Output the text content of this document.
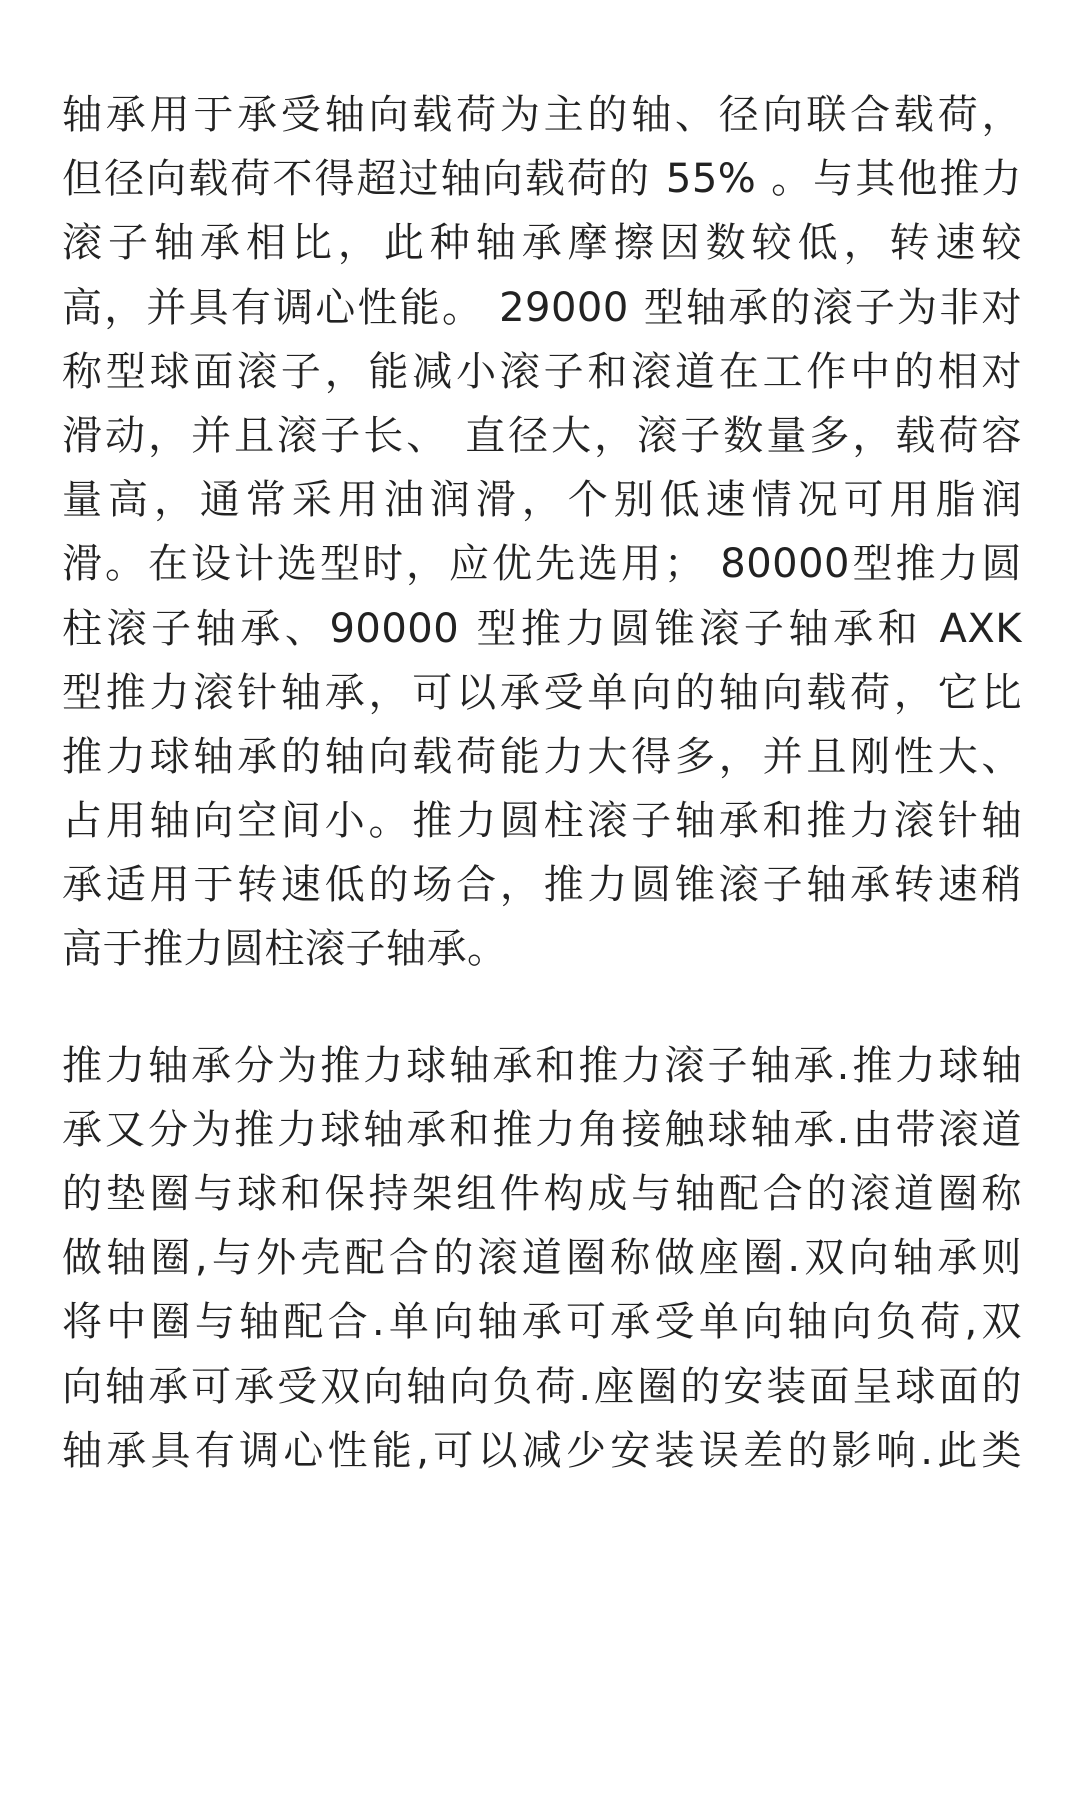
轴承用于承受轴向载荷为主的轴、径向联合载荷，
但径向载荷不得超过轴向载荷的 55% 。与其他推力
滚子轴承相比，此种轴承摩擦因数较低，转速较
高，并具有调心性能。 29000 型轴承的滚子为非对
称型球面滚子，能减小滚子和滚道在工作中的相对
滑动，并且滚子长、 直径大，滚子数量多，载荷容
量高，通常采用油润滑，个别低速情况可用脂润
滑。在设计选型时，应优先选用； 80000型推力圆
柱滚子轴承、90000 型推力圆锥滚子轴承和 AXK
型推力滚针轴承，可以承受单向的轴向载荷，它比
推力球轴承的轴向载荷能力大得多，并且刚性大、
占用轴向空间小。推力圆柱滚子轴承和推力滚针轴
承适用于转速低的场合，推力圆锥滚子轴承转速稍
高于推力圆柱滚子轴承。
推力轴承分为推力球轴承和推力滚子轴承.推力球轴
承又分为推力球轴承和推力角接触球轴承.由带滚道
的垫圈与球和保持架组件构成与轴配合的滚道圈称
做轴圈,与外壳配合的滚道圈称做座圈.双向轴承则
将中圈与轴配合.单向轴承可承受单向轴向负荷,双
向轴承可承受双向轴向负荷.座圈的安装面呈球面的
轴承具有调心性能,可以减少安装误差的影响.此类
